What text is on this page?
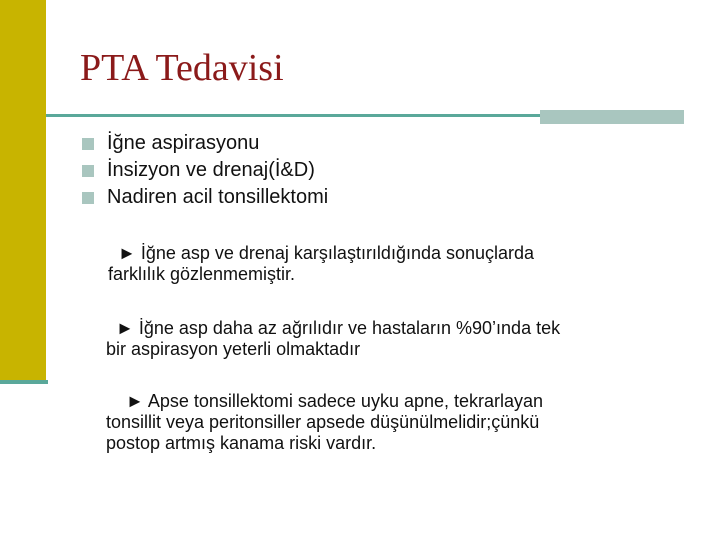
PTA Tedavisi
İğne aspirasyonu
İnsizyon ve drenaj(İ&D)
Nadiren acil tonsillektomi
► İğne asp ve drenaj karşılaştırıldığında sonuçlarda
farklılık gözlenmemiştir.
► İğne asp daha az ağrılıdır ve hastaların %90’ında tek
bir aspirasyon yeterli olmaktadır
► Apse tonsillektomi sadece uyku apne, tekrarlayan
tonsillit veya peritonsiller apsede düşünülmelidir;çünkü
postop artmış kanama riski vardır.
